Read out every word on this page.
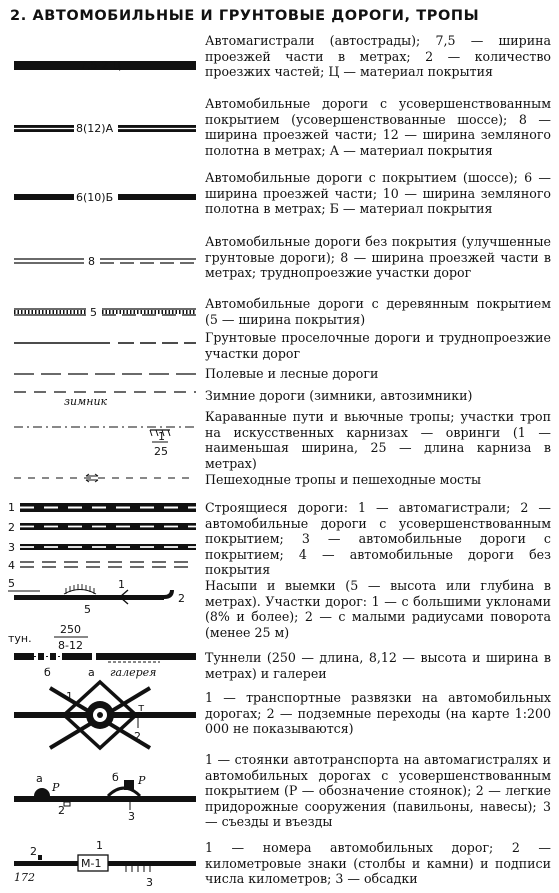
2. АВТОМОБИЛЬНЫЕ И ГРУНТОВЫЕ ДОРОГИ, ТРОПЫ
Автомагистрали (автострады); 7,5 — ширина проезжей части в метрах; 2 — количество проезжих частей; Ц — материал покрытия
Автомобильные дороги с усовершенствованным покрытием (усовершенствованные шоссе); 8 — ширина проезжей части; 12 — ширина земляного полотна в метрах; А — материал покрытия
Автомобильные дороги с покрытием (шоссе); 6 — ширина проезжей части; 10 — ширина земляного полотна в метрах; Б — материал покрытия
Автомобильные дороги без покрытия (улучшенные грунтовые дороги); 8 — ширина проезжей части в метрах; труднопроезжие участки дорог
Автомобильные дороги с деревянным покрытием (5 — ширина покрытия)
Грунтовые проселочные дороги и труднопроезжие участки дорог
Полевые и лесные дороги
Зимние дороги (зимники, автозимники)
Караванные пути и вьючные тропы; участки троп на искусственных карнизах — овринги (1 — наименьшая ширина, 25 — длина карниза в метрах)
Пешеходные тропы и пешеходные мосты
Строящиеся дороги: 1 — автомагистрали; 2 — автомобильные дороги с усовершенствованным покрытием; 3 — автомобильные дороги с покрытием; 4 — автомобильные дороги без покрытия
Насыпи и выемки (5 — высота или глубина в метрах). Участки дорог: 1 — с большими уклонами (8% и более); 2 — с малыми радиусами поворота (менее 25 м)
Туннели (250 — длина, 8,12 — высота и ширина в метрах) и галереи
1 — транспортные развязки на автомобильных дорогах; 2 — подземные переходы (на карте 1:200 000 не показываются)
1 — стоянки автотранспорта на автомагистралях и автомобильных дорогах с усовершенствованным покрытием (Р — обозначение стоянок); 2 — легкие придорожные сооружения (павильоны, навесы); 3 — съезды и въезды
1 — номера автомобильных дорог; 2 — километровые знаки (столбы и камни) и подписи числа километров; 3 — обсадки
7,5-2 Ц
8(12)А
6(10)Б
8
5
зимник
1
25
1
2
3
4
5
5
1
2
тун.
250
8-12
б	а галерея
1
т
2
а
Р
2
б Р
3
1
М-1
2
172	3
